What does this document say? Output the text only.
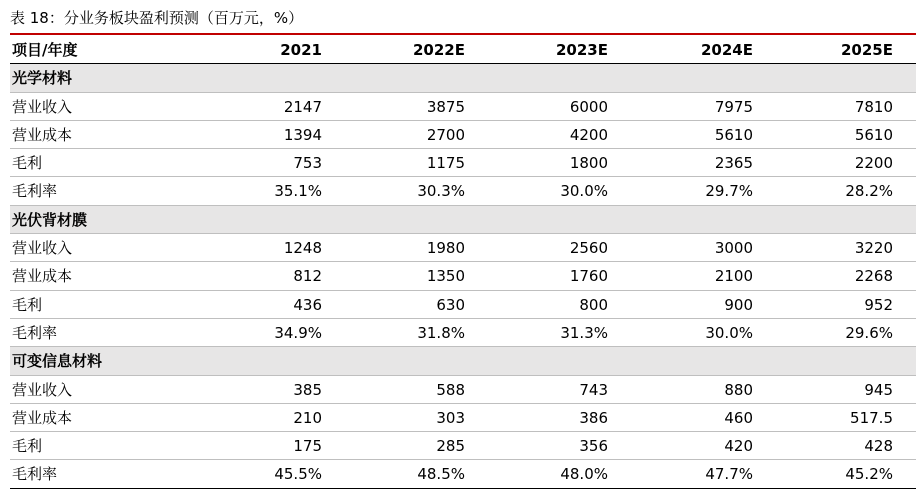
表 18：分业务板块盈利预测（百万元，%）
项目/年度	2021	2022E	2023E	2024E	2025E
光学材料
营业收入	2147	3875	6000	7975	7810
营业成本	1394	2700	4200	5610	5610
毛利	753	1175	1800	2365	2200
毛利率	35.1%	30.3%	30.0%	29.7%	28.2%
光伏背材膜
营业收入	1248	1980	2560	3000	3220
营业成本	812	1350	1760	2100	2268
毛利	436	630	800	900	952
毛利率	34.9%	31.8%	31.3%	30.0%	29.6%
可变信息材料
营业收入	385	588	743	880	945
营业成本	210	303	386	460	517.5
毛利	175	285	356	420	428
毛利率	45.5%	48.5%	48.0%	47.7%	45.2%
